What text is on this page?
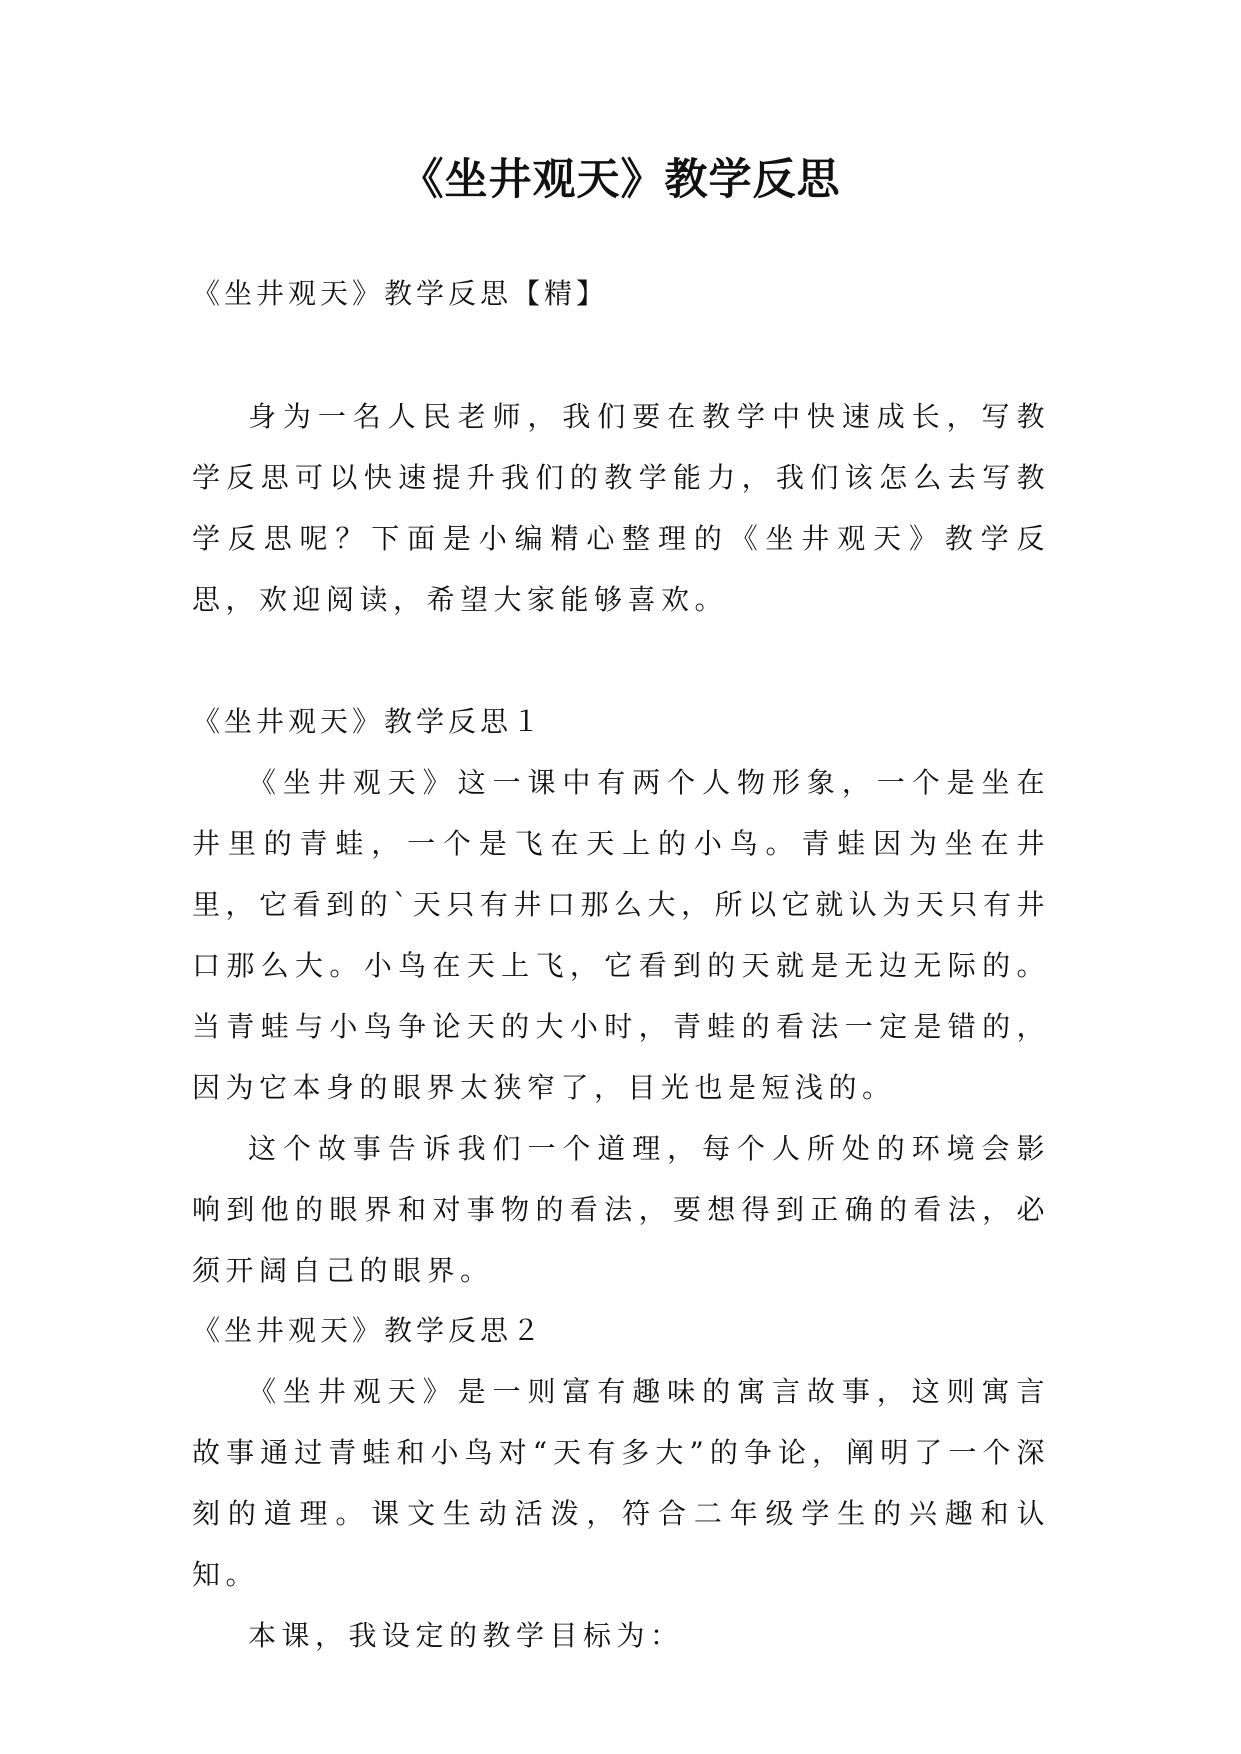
《坐井观天》教学反思

《坐井观天》教学反思【精】

身为一名人民老师，我们要在教学中快速成长，写教学反思可以快速提升我们的教学能力，我们该怎么去写教学反思呢？下面是小编精心整理的《坐井观天》教学反思，欢迎阅读，希望大家能够喜欢。

《坐井观天》教学反思１

《坐井观天》这一课中有两个人物形象，一个是坐在井里的青蛙，一个是飞在天上的小鸟。青蛙因为坐在井里，它看到的`天只有井口那么大，所以它就认为天只有井口那么大。小鸟在天上飞，它看到的天就是无边无际的。当青蛙与小鸟争论天的大小时，青蛙的看法一定是错的，因为它本身的眼界太狭窄了，目光也是短浅的。

这个故事告诉我们一个道理，每个人所处的环境会影响到他的眼界和对事物的看法，要想得到正确的看法，必须开阔自己的眼界。

《坐井观天》教学反思２

《坐井观天》是一则富有趣味的寓言故事，这则寓言故事通过青蛙和小鸟对“天有多大”的争论，阐明了一个深刻的道理。课文生动活泼，符合二年级学生的兴趣和认知。

本课，我设定的教学目标为：
